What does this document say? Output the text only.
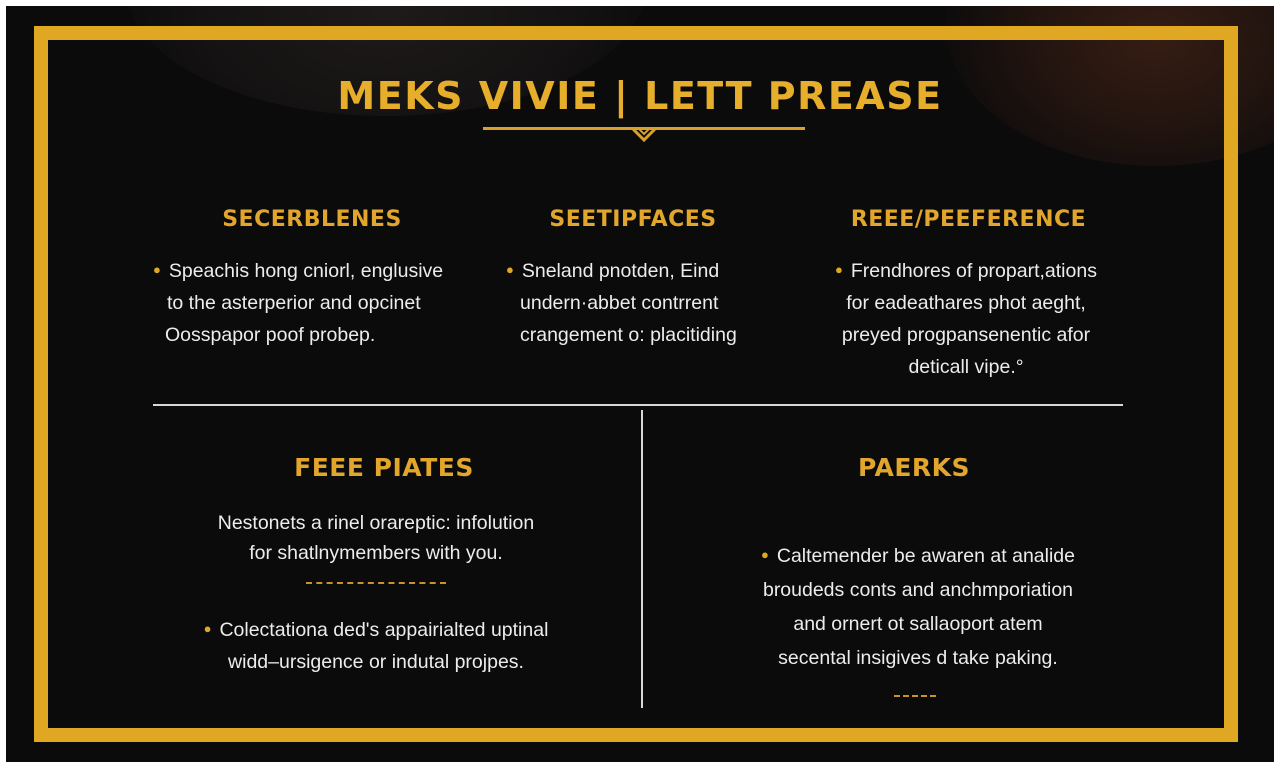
MEKS VIVIE | LETT PREASE
SECERBLENES

● Speachis hong cniorl, englusive
to the asterperior and opcinet
Oosspapor poof probep.

SEETIPFACES

● Sneland pnotden, Eind
undern·abbet contrrent
crangement o: placitiding

REEE/PEEFERENCE

● Frendhores of propart,ations
for eadeathares phot aeght,
preyed progpansenentic afor
deticall vipe.°

FEEE PIATES

Nestonets a rinel orareptic: infolution
for shatlnymembers with you.

● Colectationa ded's appairialted uptinal
widd–ursigence or indutal projpes.

PAERKS

● Caltemender be awaren at analide
broudeds conts and anchmporiation
and ornert ot sallaoport atem
secental insigives d take paking.
